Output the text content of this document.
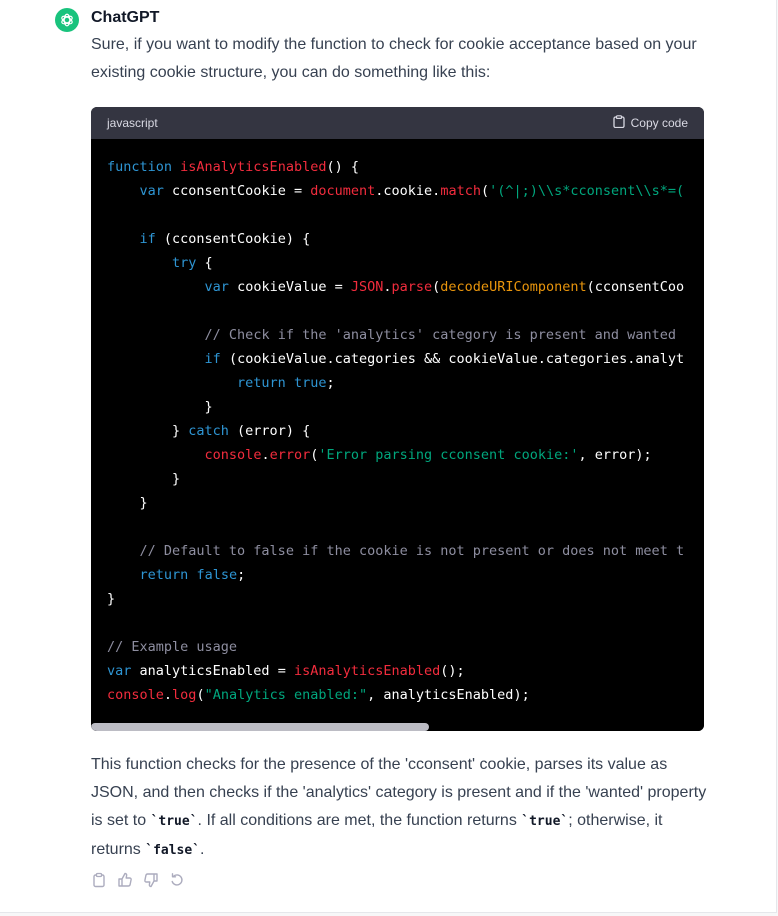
ChatGPT

Sure, if you want to modify the function to check for cookie acceptance based on your existing cookie structure, you can do something like this:

javascript	Copy code
function isAnalyticsEnabled() {
var cconsentCookie = document.cookie.match('(^|;)\\s*cconsent\\s*=(
if (cconsentCookie) {
try {
var cookieValue = JSON.parse(decodeURIComponent(cconsentCoo
// Check if the 'analytics' category is present and wanted
if (cookieValue.categories && cookieValue.categories.analyt
return true;
}
} catch (error) {
console.error('Error parsing cconsent cookie:', error);
}
}
// Default to false if the cookie is not present or does not meet t
return false;
}
// Example usage
var analyticsEnabled = isAnalyticsEnabled();
console.log("Analytics enabled:", analyticsEnabled);

This function checks for the presence of the 'cconsent' cookie, parses its value as JSON, and then checks if the 'analytics' category is present and if the 'wanted' property is set to `true`. If all conditions are met, the function returns `true`; otherwise, it returns `false`.
